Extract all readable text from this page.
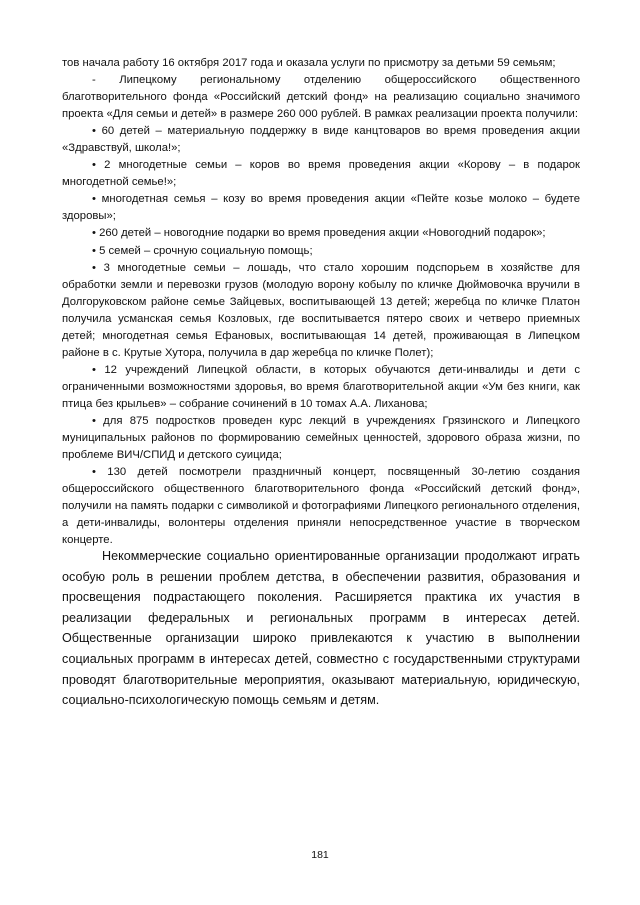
тов начала работу 16 октября 2017 года и оказала услуги по присмотру за детьми 59 семьям;

- Липецкому региональному отделению общероссийского общественного благотворительного фонда «Российский детский фонд» на реализацию социально значимого проекта «Для семьи и детей» в размере 260 000 рублей. В рамках реализации проекта получили:

• 60 детей – материальную поддержку в виде канцтоваров во время проведения акции «Здравствуй, школа!»;

• 2 многодетные семьи – коров во время проведения акции «Корову – в подарок многодетной семье!»;

• многодетная семья – козу во время проведения акции «Пейте козье молоко – будете здоровы»;

• 260 детей – новогодние подарки во время проведения акции «Новогодний подарок»;

• 5 семей – срочную социальную помощь;

• 3 многодетные семьи – лошадь, что стало хорошим подспорьем в хозяйстве для обработки земли и перевозки грузов (молодую ворону кобылу по кличке Дюймовочка вручили в Долгоруковском районе семье Зайцевых, воспитывающей 13 детей; жеребца по кличке Платон получила усманская семья Козловых, где воспитывается пятеро своих и четверо приемных детей; многодетная семья Ефановых, воспитывающая 14 детей, проживающая в Липецком районе в с. Крутые Хутора, получила в дар жеребца по кличке Полет);

• 12 учреждений Липецкой области, в которых обучаются дети-инвалиды и дети с ограниченными возможностями здоровья, во время благотворительной акции «Ум без книги, как птица без крыльев» – собрание сочинений в 10 томах А.А. Лиханова;

• для 875 подростков проведен курс лекций в учреждениях Грязинского и Липецкого муниципальных районов по формированию семейных ценностей, здорового образа жизни, по проблеме ВИЧ/СПИД и детского суицида;

• 130 детей посмотрели праздничный концерт, посвященный 30-летию создания общероссийского общественного благотворительного фонда «Российский детский фонд», получили на память подарки с символикой и фотографиями Липецкого регионального отделения, а дети-инвалиды, волонтеры отделения приняли непосредственное участие в творческом концерте.

Некоммерческие социально ориентированные организации продолжают играть особую роль в решении проблем детства, в обеспечении развития, образования и просвещения подрастающего поколения. Расширяется практика их участия в реализации федеральных и региональных программ в интересах детей. Общественные организации широко привлекаются к участию в выполнении социальных программ в интересах детей, совместно с государственными структурами проводят благотворительные мероприятия, оказывают материальную, юридическую, социально-психологическую помощь семьям и детям.

181
